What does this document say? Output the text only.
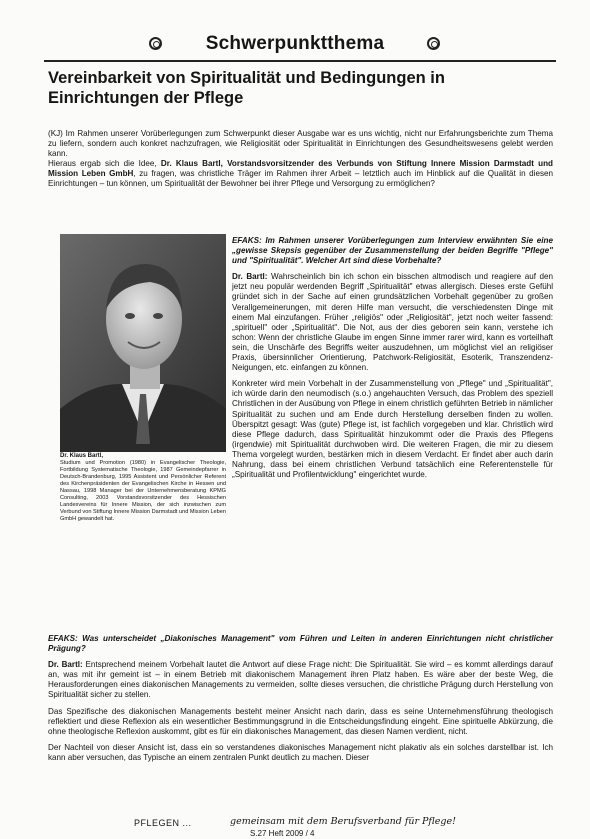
Schwerpunktthema
Vereinbarkeit von Spiritualität und Bedingungen in
Einrichtungen der Pflege

(KJ) Im Rahmen unserer Vorüberlegungen zum Schwerpunkt dieser Ausgabe war es uns wichtig, nicht nur Erfahrungsberichte zum Thema zu liefern, sondern auch konkret nachzufragen, wie Religiosität oder Spiritualität in Einrichtungen des Gesundheitswesens gelebt werden kann.

Hieraus ergab sich die Idee, Dr. Klaus Bartl, Vorstandsvorsitzender des Verbunds von Stiftung Innere Mission Darmstadt und Mission Leben GmbH, zu fragen, was christliche Träger im Rahmen ihrer Arbeit – letztlich auch im Hinblick auf die Qualität in diesen Einrichtungen – tun können, um Spiritualität der Bewohner bei ihrer Pflege und Versorgung zu ermöglichen?

Dr. Klaus Bartl,
Studium und Promotion (1980) in Evangelischer Theologie, Fortbildung Systematische Theologie, 1987 Gemeindepfarrer in Deutsch-Brandenburg, 1995 Assistent und Persönlicher Referent des Kirchenpräsidenten der Evangelischen Kirche in Hessen und Nassau, 1998 Manager bei der Unternehmensberatung KPMG Consulting, 2003 Vorstandsvorsitzender des Hessischen Landesvereins für Innere Mission, der sich inzwischen zum Verbund von Stiftung Innere Mission Darmstadt und Mission Leben GmbH gewandelt hat.

EFAKS: Im Rahmen unserer Vorüberlegungen zum Interview erwähnten Sie eine „gewisse Skepsis gegenüber der Zusammenstellung der beiden Begriffe "Pflege" und "Spiritualität". Welcher Art sind diese Vorbehalte?

Dr. Bartl: Wahrscheinlich bin ich schon ein bisschen altmodisch und reagiere auf den jetzt neu populär werdenden Begriff „Spiritualität" etwas allergisch. Dieses erste Gefühl gründet sich in der Sache auf einen grundsätzlichen Vorbehalt gegenüber zu großen Verallgemeinerungen, mit deren Hilfe man versucht, die verschiedensten Dinge mit einem Mal einzufangen. Früher „religiös" oder „Religiosität", jetzt noch weiter fassend: „spirituell" oder „Spiritualität". Die Not, aus der dies geboren sein kann, verstehe ich schon: Wenn der christliche Glaube im engen Sinne immer rarer wird, kann es vorteilhaft sein, die Unschärfe des Begriffs weiter auszudehnen, um möglichst viel an religiöser Praxis, übersinnlicher Orientierung, Patchwork-Religiosität, Esoterik, Transzendenz-Neigungen, etc. einfangen zu können.

Konkreter wird mein Vorbehalt in der Zusammenstellung von „Pflege" und „Spiritualität", ich würde darin den neumodisch (s.o.) angehauchten Versuch, das Problem des speziell Christlichen in der Ausübung von Pflege in einem christlich geführten Betrieb in nämlicher Spiritualität zu suchen und am Ende durch Herstellung derselben finden zu wollen. Überspitzt gesagt: Was (gute) Pflege ist, ist fachlich vorgegeben und klar. Christlich wird diese Pflege dadurch, dass Spiritualität hinzukommt oder die Praxis des Pflegens (irgendwie) mit Spiritualität durchwoben wird. Die weiteren Fragen, die mir zu diesem Thema vorgelegt wurden, bestärken mich in diesem Verdacht. Er findet aber auch darin Nahrung, dass bei einem christlichen Verbund tatsächlich eine Referentenstelle für „Spiritualität und Profilentwicklung" eingerichtet wurde.

EFAKS: Was unterscheidet „Diakonisches Management" vom Führen und Leiten in anderen Einrichtungen nicht christlicher Prägung?

Dr. Bartl: Entsprechend meinem Vorbehalt lautet die Antwort auf diese Frage nicht: Die Spiritualität. Sie wird – es kommt allerdings darauf an, was mit ihr gemeint ist – in einem Betrieb mit diakonischem Management ihren Platz haben. Es wäre aber der beste Weg, die Herausforderungen eines diakonischen Managements zu vermeiden, sollte dieses versuchen, die christliche Prägung durch Herstellung von Spiritualität sicher zu stellen.

Das Spezifische des diakonischen Managements besteht meiner Ansicht nach darin, dass es seine Unternehmensführung theologisch reflektiert und diese Reflexion als ein wesentlicher Bestimmungsgrund in die Entscheidungsfindung eingeht. Eine spirituelle Abkürzung, die ohne theologische Reflexion auskommt, gibt es für ein diakonisches Management, das diesen Namen verdient, nicht.

Der Nachteil von dieser Ansicht ist, dass ein so verstandenes diakonisches Management nicht plakativ als ein solches darstellbar ist. Ich kann aber versuchen, das Typische an einem zentralen Punkt deutlich zu machen. Dieser

PFLEGEN ...	gemeinsam mit dem Berufsverband für Pflege!
S.27 Heft 2009 / 4
